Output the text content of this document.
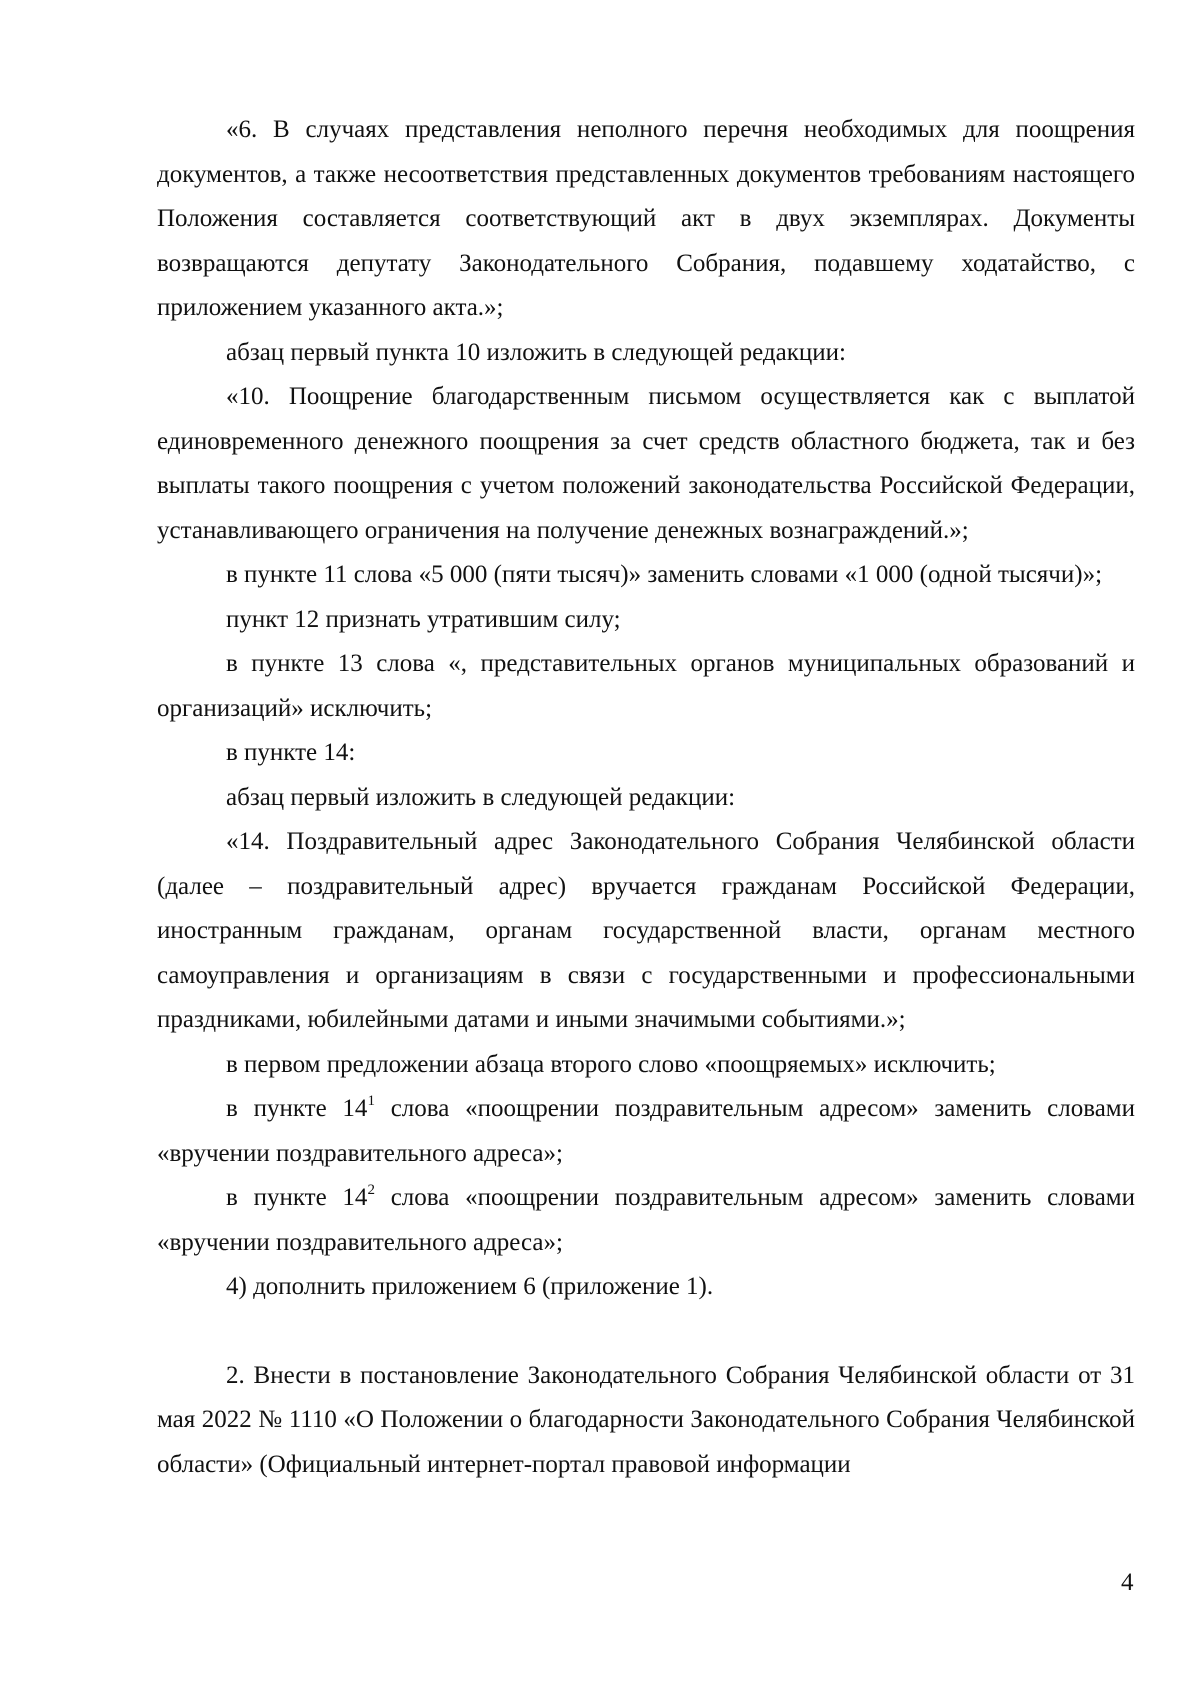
«6. В случаях представления неполного перечня необходимых для поощрения документов, а также несоответствия представленных документов требованиям настоящего Положения составляется соответствующий акт в двух экземплярах. Документы возвращаются депутату Законодательного Собрания, подавшему ходатайство, с приложением указанного акта.»;

абзац первый пункта 10 изложить в следующей редакции:

«10. Поощрение благодарственным письмом осуществляется как с выплатой единовременного денежного поощрения за счет средств областного бюджета, так и без выплаты такого поощрения с учетом положений законодательства Российской Федерации, устанавливающего ограничения на получение денежных вознаграждений.»;

в пункте 11 слова «5 000 (пяти тысяч)» заменить словами «1 000 (одной тысячи)»;

пункт 12 признать утратившим силу;

в пункте 13 слова «, представительных органов муниципальных образований и организаций» исключить;

в пункте 14:

абзац первый изложить в следующей редакции:

«14. Поздравительный адрес Законодательного Собрания Челябинской области (далее – поздравительный адрес) вручается гражданам Российской Федерации, иностранным гражданам, органам государственной власти, органам местного самоуправления и организациям в связи с государственными и профессиональными праздниками, юбилейными датами и иными значимыми событиями.»;

в первом предложении абзаца второго слово «поощряемых» исключить;

в пункте $14^1$ слова «поощрении поздравительным адресом» заменить словами «вручении поздравительного адреса»;

в пункте $14^2$ слова «поощрении поздравительным адресом» заменить словами «вручении поздравительного адреса»;

4) дополнить приложением 6 (приложение 1).

2. Внести в постановление Законодательного Собрания Челябинской области от 31 мая 2022 № 1110 «О Положении о благодарности Законодательного Собрания Челябинской области» (Официальный интернет-портал правовой информации

4
